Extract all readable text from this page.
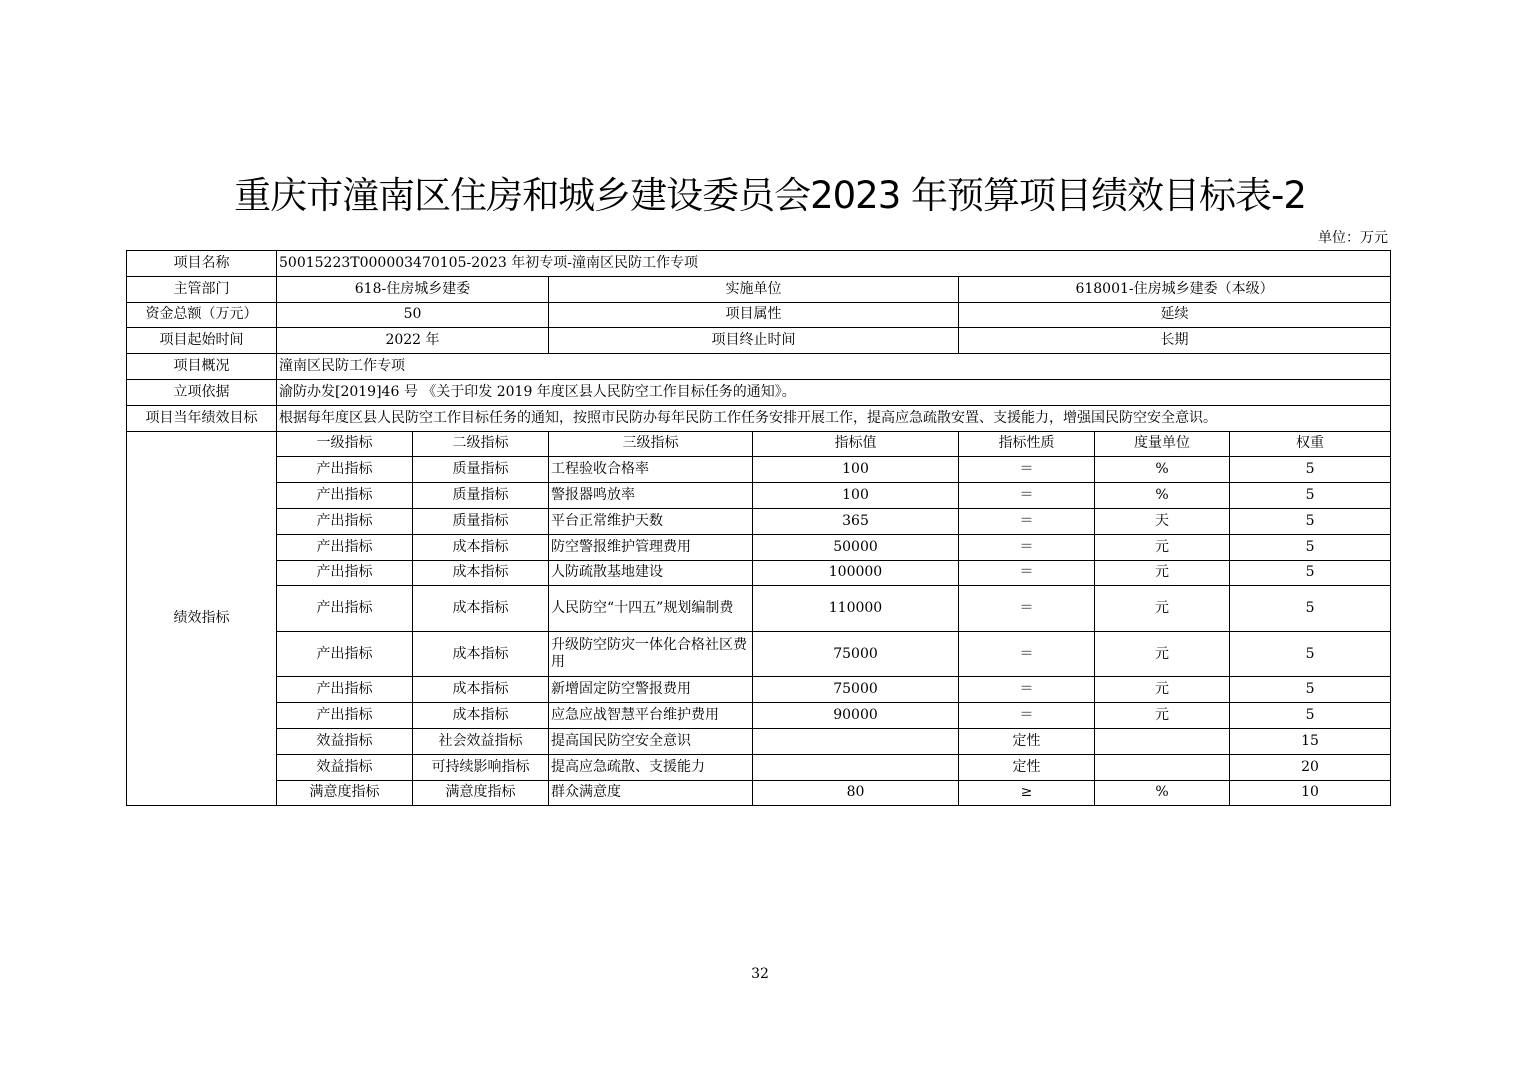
重庆市潼南区住房和城乡建设委员会2023 年预算项目绩效目标表-2
单位：万元
项目名称	50015223T000003470105-2023 年初专项-潼南区民防工作专项						
主管部门	618-住房城乡建委		实施单位		618001-住房城乡建委（本级）		
资金总额（万元）	50		项目属性		延续		
项目起始时间	2022 年		项目终止时间		长期		
项目概况	潼南区民防工作专项						
立项依据	渝防办发[2019]46 号 《关于印发 2019 年度区县人民防空工作目标任务的通知》。						
项目当年绩效目标	根据每年度区县人民防空工作目标任务的通知，按照市民防办每年民防工作任务安排开展工作，提高应急疏散安置、支援能力，增强国民防空安全意识。						
绩效指标	一级指标	二级指标	三级指标	指标值	指标性质	度量单位	权重
	产出指标	质量指标	工程验收合格率	100	＝	%	5
	产出指标	质量指标	警报器鸣放率	100	＝	%	5
	产出指标	质量指标	平台正常维护天数	365	＝	天	5
	产出指标	成本指标	防空警报维护管理费用	50000	＝	元	5
	产出指标	成本指标	人防疏散基地建设	100000	＝	元	5
	产出指标	成本指标	人民防空“十四五”规划编制费	110000	＝	元	5
	产出指标	成本指标	升级防空防灾一体化合格社区费用	75000	＝	元	5
	产出指标	成本指标	新增固定防空警报费用	75000	＝	元	5
	产出指标	成本指标	应急应战智慧平台维护费用	90000	＝	元	5
	效益指标	社会效益指标	提高国民防空安全意识		定性		15
	效益指标	可持续影响指标	提高应急疏散、支援能力		定性		20
	满意度指标	满意度指标	群众满意度	80	≥	%	10
32
